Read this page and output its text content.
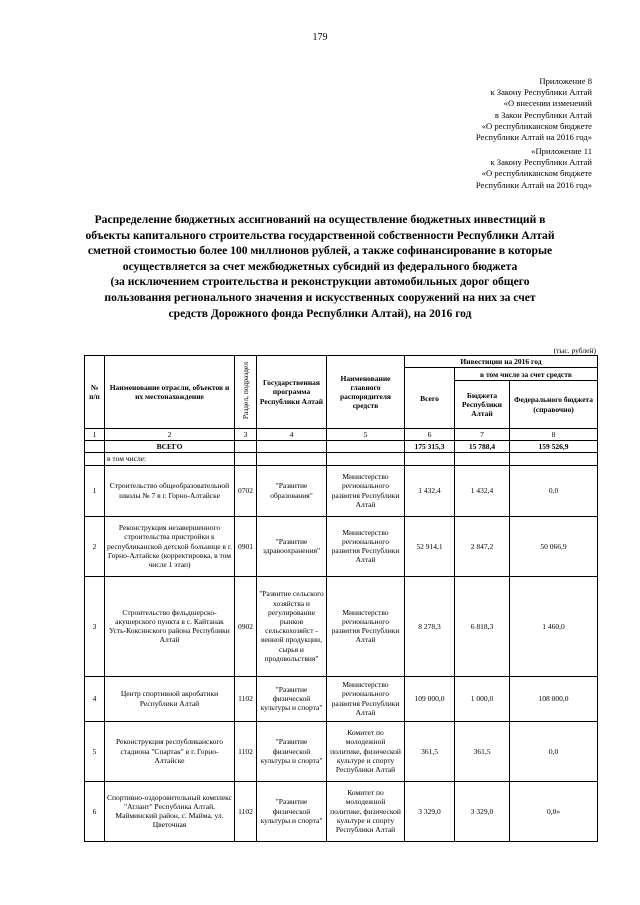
179
Приложение 8
к Закону Республики Алтай
«О внесении изменений
в Закон Республики Алтай
«О республиканском бюджете
Республики Алтай на 2016 год»
«Приложение 11
к Закону Республики Алтай
«О республиканском бюджете
Республики Алтай на 2016 год»
Распределение бюджетных ассигнований на осуществление бюджетных инвестиций в
объекты капитального строительства государственной собственности Республики Алтай
сметной стоимостью более 100 миллионов рублей, а также софинансирование в которые
осуществляется за счет межбюджетных субсидий из федерального бюджета
(за исключением строительства и реконструкции автомобильных дорог общего
пользования регионального значения и искусственных сооружений на них за счет
средств Дорожного фонда Республики Алтай), на 2016 год
(тыс. рублей)
№ п/п	Наименование отрасли, объектов и их местонахождение	Раздел, подраздел	Государственная программа Республики Алтай	Наименование главного распорядителя средств	Инвестиции на 2016 год		
					Всего	в том числе за счет средств	
						Бюджета Республики Алтай	Федерального бюджета (справочно)
1	2	3	4	5	6	7	8
	ВСЕГО				175 315,3	15 788,4	159 526,9
	в том числе:						
1	Строительство общеобразовательной школы № 7 в г. Горно-Алтайске	0702	"Развитие образования"	Министерство регионального развития Республики Алтай	1 432,4	1 432,4	0,0
2	Реконструкция незавершенного строительства пристройки к республиканской детской больнице в г. Горно-Алтайске (корректировка, в том числе 1 этап)	0901	"Развитие здравоохранения"	Министерство регионального развития Республики Алтай	52 914,1	2 847,2	50 066,9
3	Строительство фельдшерско-акушерского пункта в с. Кайтанак Усть-Коксинского района Республики Алтай	0902	"Развитие сельского хозяйства и регулирование рынков сельскохозяйст - венной продукции, сырья и продовольствия"	Министерство регионального развития Республики Алтай	8 278,3	6 818,3	1 460,0
4	Центр спортивной акробатики Республики Алтай	1102	"Развитие физической культуры и спорта"	Министерство регионального развития Республики Алтай	109 000,0	1 000,0	108 000,0
5	Реконструкция республиканского стадиона "Спартак" в г. Горно-Алтайске	1102	"Развитие физической культуры и спорта"	Комитет по молодежной политике, физической культуре и спорту Республики Алтай	361,5	361,5	0,0
6	Спортивно-оздоровительный комплекс "Атлант" Республика Алтай, Майминский район, с. Майма, ул. Цветочная	1102	"Развитие физической культуры и спорта"	Комитет по молодежной политике, физической культуре и спорту Республики Алтай	3 329,0	3 329,0	0,0»
